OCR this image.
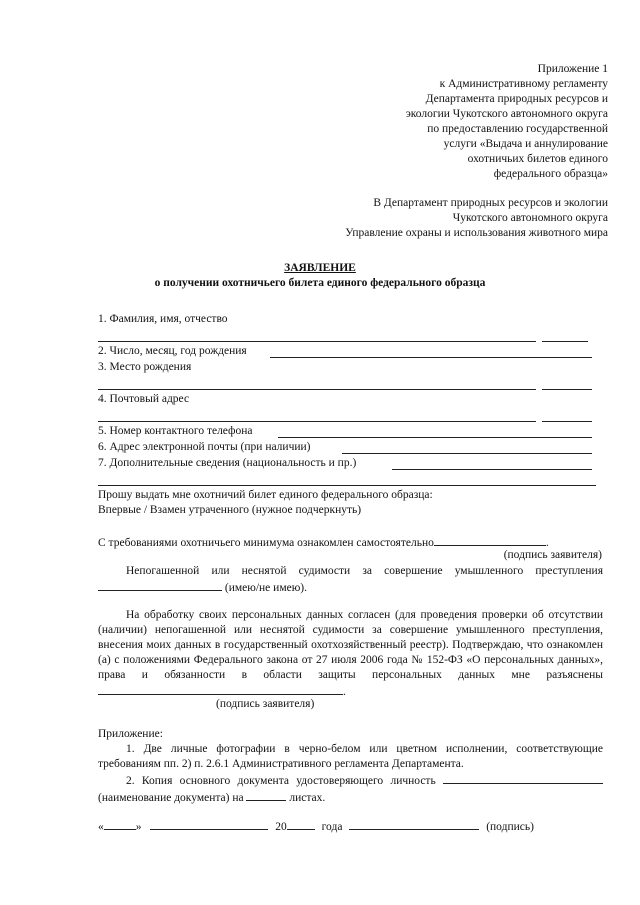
Приложение 1
к Административному регламенту
Департамента природных ресурсов и
экологии Чукотского автономного округа
по предоставлению государственной
услуги «Выдача и аннулирование
охотничьих билетов единого
федерального образца»
В Департамент природных ресурсов и экологии
Чукотского автономного округа
Управление охраны и использования животного мира
ЗАЯВЛЕНИЕ
о получении охотничьего билета единого федерального образца
1. Фамилия, имя, отчество
2. Число, месяц, год рождения
3. Место рождения
4. Почтовый адрес
5. Номер контактного телефона
6. Адрес электронной почты (при наличии)
7. Дополнительные сведения (национальность и пр.)
Прошу выдать мне охотничий билет единого федерального образца:
Впервые / Взамен утраченного (нужное подчеркнуть)
С требованиями охотничьего минимума ознакомлен самостоятельно	.
(подпись заявителя)
Непогашенной или неснятой судимости за совершение умышленного преступления
(имею/не имею).
На обработку своих персональных данных согласен (для проведения проверки об отсутствии (наличии) непогашенной или неснятой судимости за совершение умышленного преступления, внесения моих данных в государственный охотхозяйственный реестр). Подтверждаю, что ознакомлен (а) с положениями Федерального закона от 27 июля 2006 года № 152-ФЗ «О персональных данных», права и обязанности в области защиты персональных данных мне разъяснены .
(подпись заявителя)
Приложение:
1. Две личные фотографии в черно-белом или цветном исполнении, соответствующие требованиям пп. 2) п. 2.6.1 Административного регламента Департамента.
2. Копия основного документа удостоверяющего личность
(наименование документа) на	листах.
«	»	20	года	(подпись)
